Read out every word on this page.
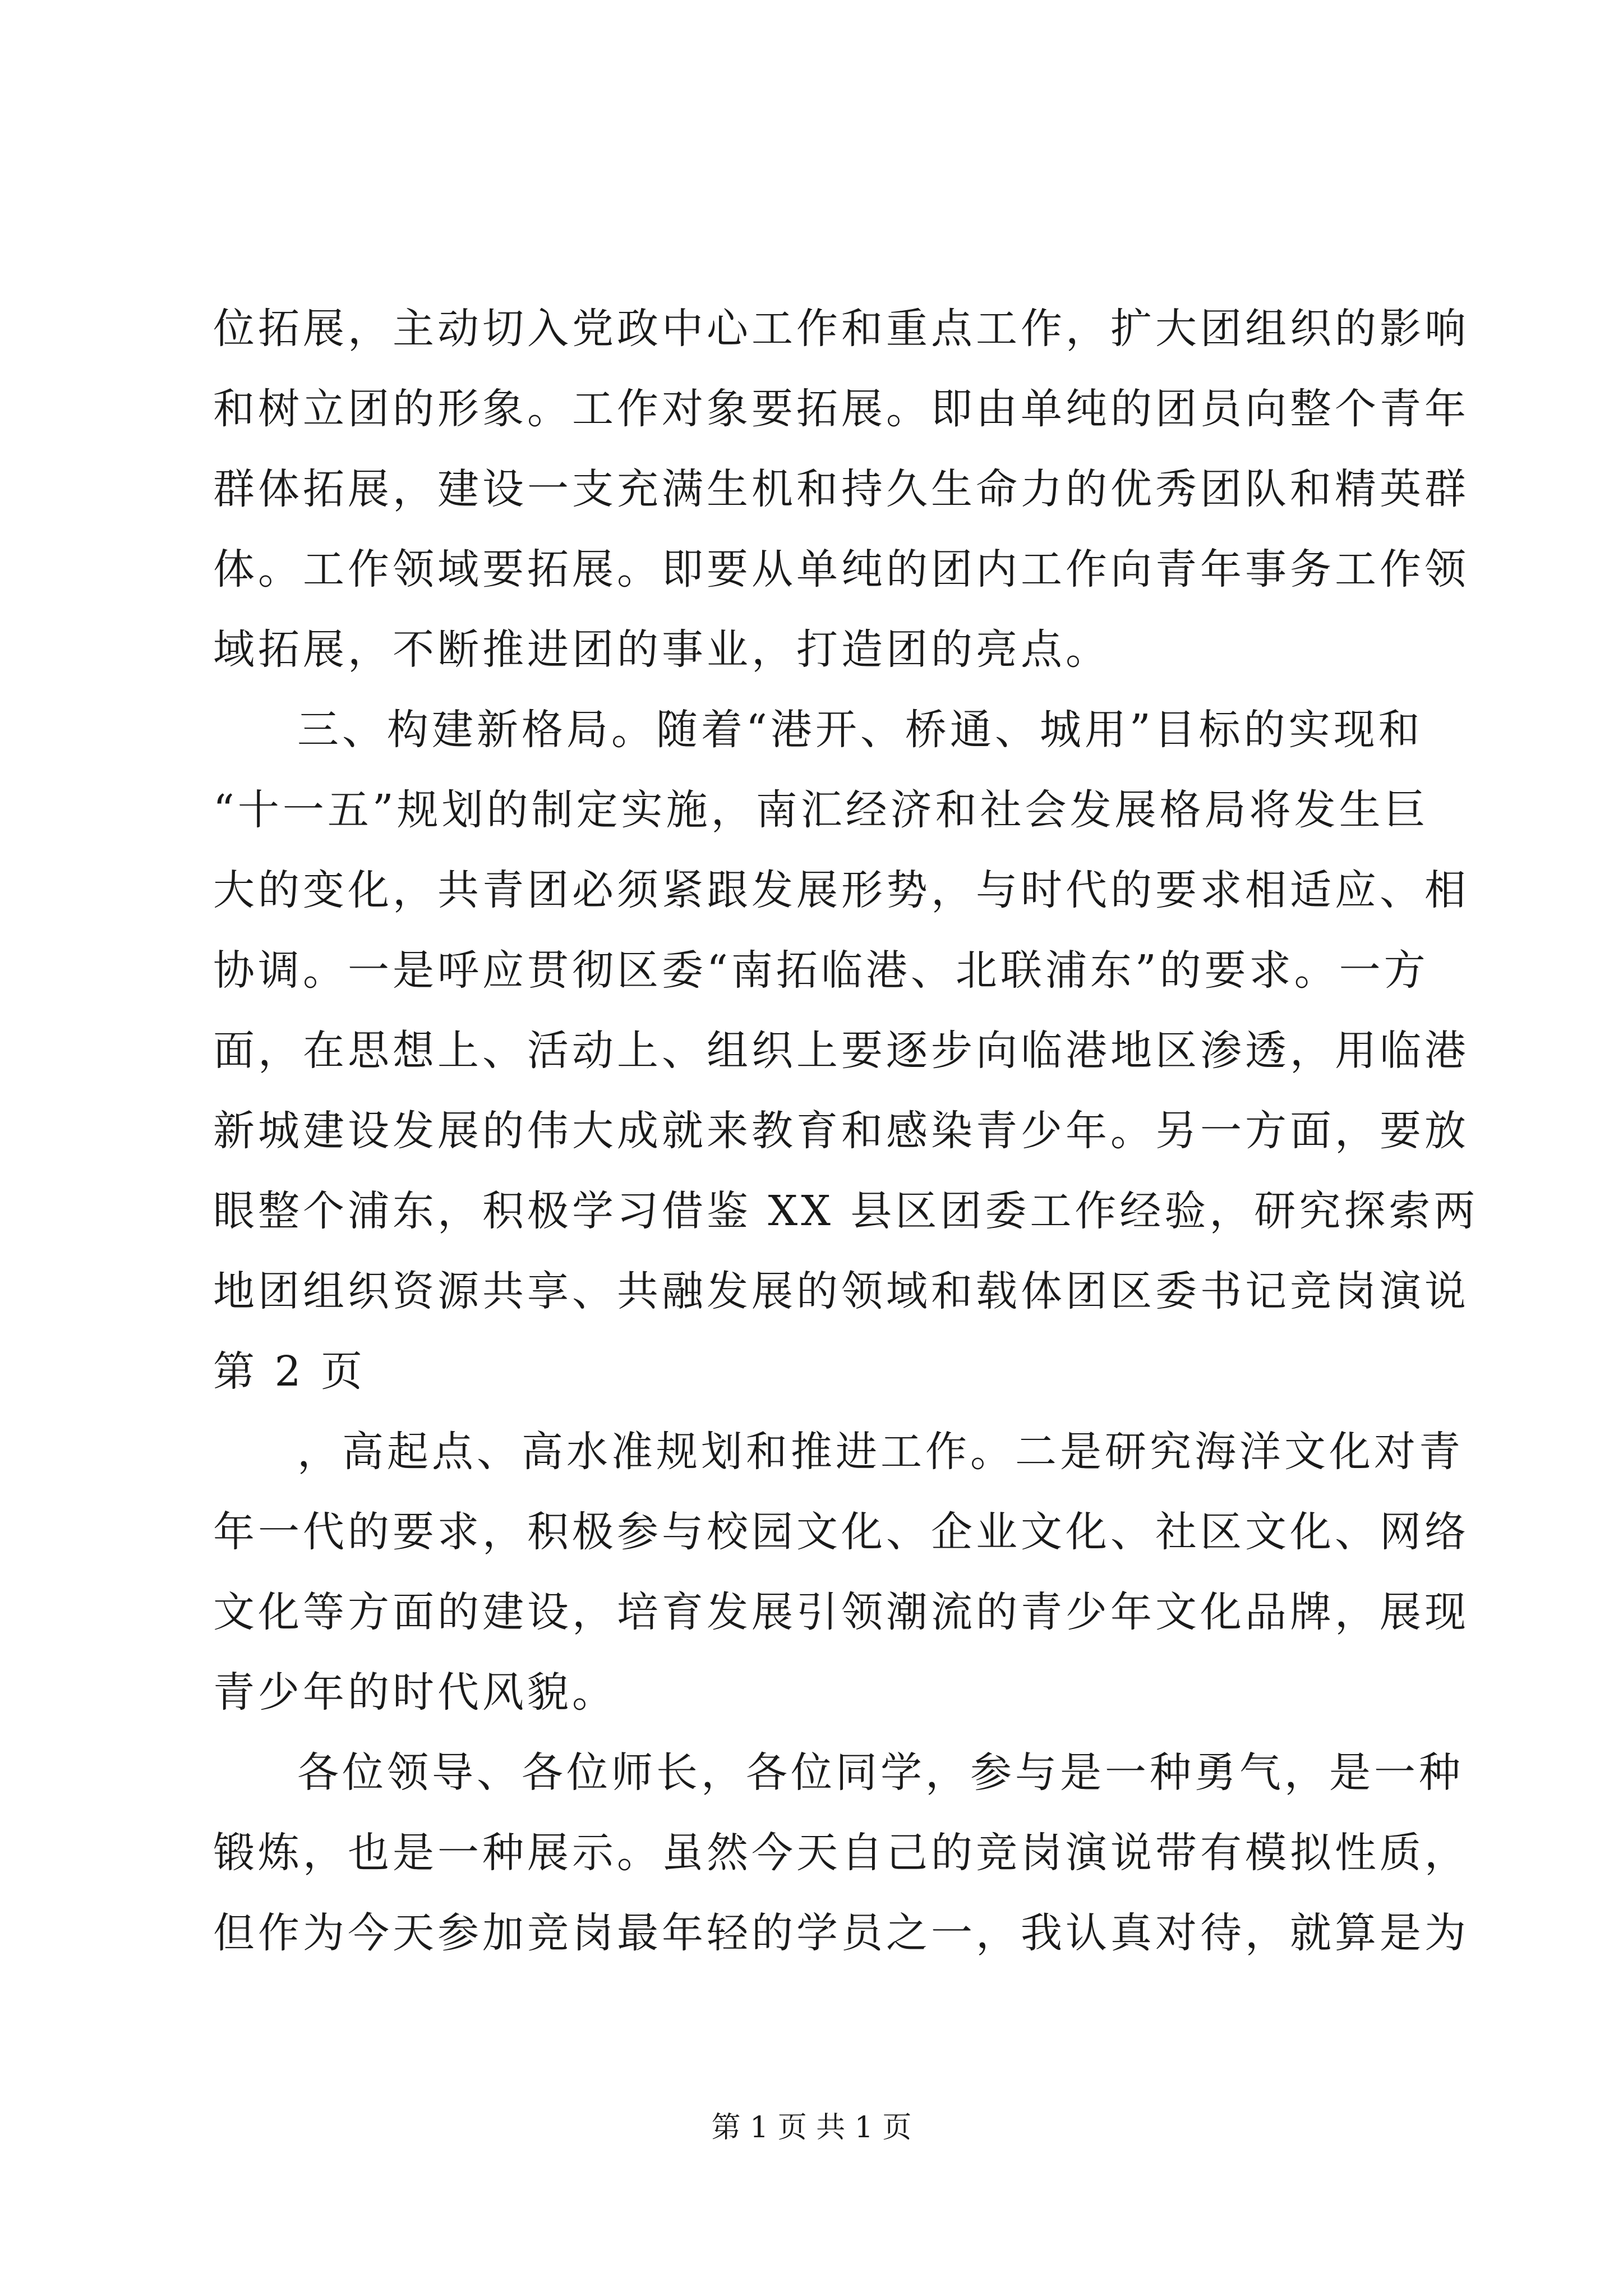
位拓展，主动切入党政中心工作和重点工作，扩大团组织的影响
和树立团的形象。工作对象要拓展。即由单纯的团员向整个青年
群体拓展，建设一支充满生机和持久生命力的优秀团队和精英群
体。工作领域要拓展。即要从单纯的团内工作向青年事务工作领
域拓展，不断推进团的事业，打造团的亮点。
三、构建新格局。随着“港开、桥通、城用”目标的实现和
“十一五”规划的制定实施，南汇经济和社会发展格局将发生巨
大的变化，共青团必须紧跟发展形势，与时代的要求相适应、相
协调。一是呼应贯彻区委“南拓临港、北联浦东”的要求。一方
面，在思想上、活动上、组织上要逐步向临港地区渗透，用临港
新城建设发展的伟大成就来教育和感染青少年。另一方面，要放
眼整个浦东，积极学习借鉴 XX 县区团委工作经验，研究探索两
地团组织资源共享、共融发展的领域和载体团区委书记竞岗演说
第 2 页
，高起点、高水准规划和推进工作。二是研究海洋文化对青
年一代的要求，积极参与校园文化、企业文化、社区文化、网络
文化等方面的建设，培育发展引领潮流的青少年文化品牌，展现
青少年的时代风貌。
各位领导、各位师长，各位同学，参与是一种勇气，是一种
锻炼，也是一种展示。虽然今天自己的竞岗演说带有模拟性质，
但作为今天参加竞岗最年轻的学员之一，我认真对待，就算是为
第 1 页 共 1 页
